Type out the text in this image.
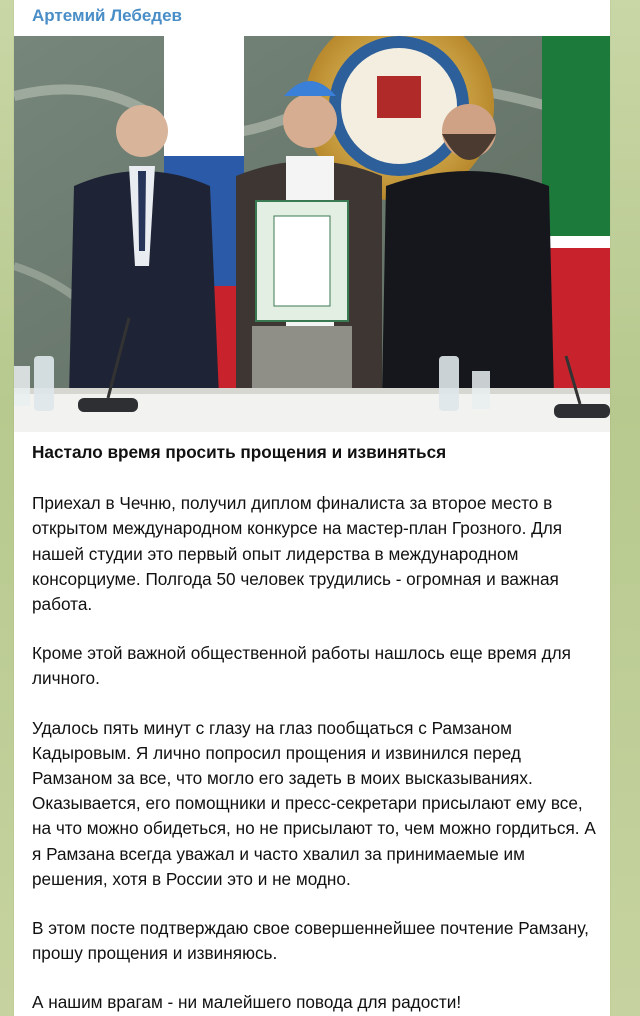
Артемий Лебедев

Настало время просить прощения и извиняться

Приехал в Чечню, получил диплом финалиста за второе место в открытом международном конкурсе на мастер-план Грозного. Для нашей студии это первый опыт лидерства в международном консорциуме. Полгода 50 человек трудились - огромная и важная работа.

Кроме этой важной общественной работы нашлось еще время для личного.

Удалось пять минут с глазу на глаз пообщаться с Рамзаном Кадыровым. Я лично попросил прощения и извинился перед Рамзаном за все, что могло его задеть в моих высказываниях. Оказывается, его помощники и пресс-секретари присылают ему все, на что можно обидеться, но не присылают то, чем можно гордиться. А я Рамзана всегда уважал и часто хвалил за принимаемые им решения, хотя в России это и не модно.

В этом посте подтверждаю свое совершеннейшее почтение Рамзану, прошу прощения и извиняюсь.

А нашим врагам - ни малейшего повода для радости!
